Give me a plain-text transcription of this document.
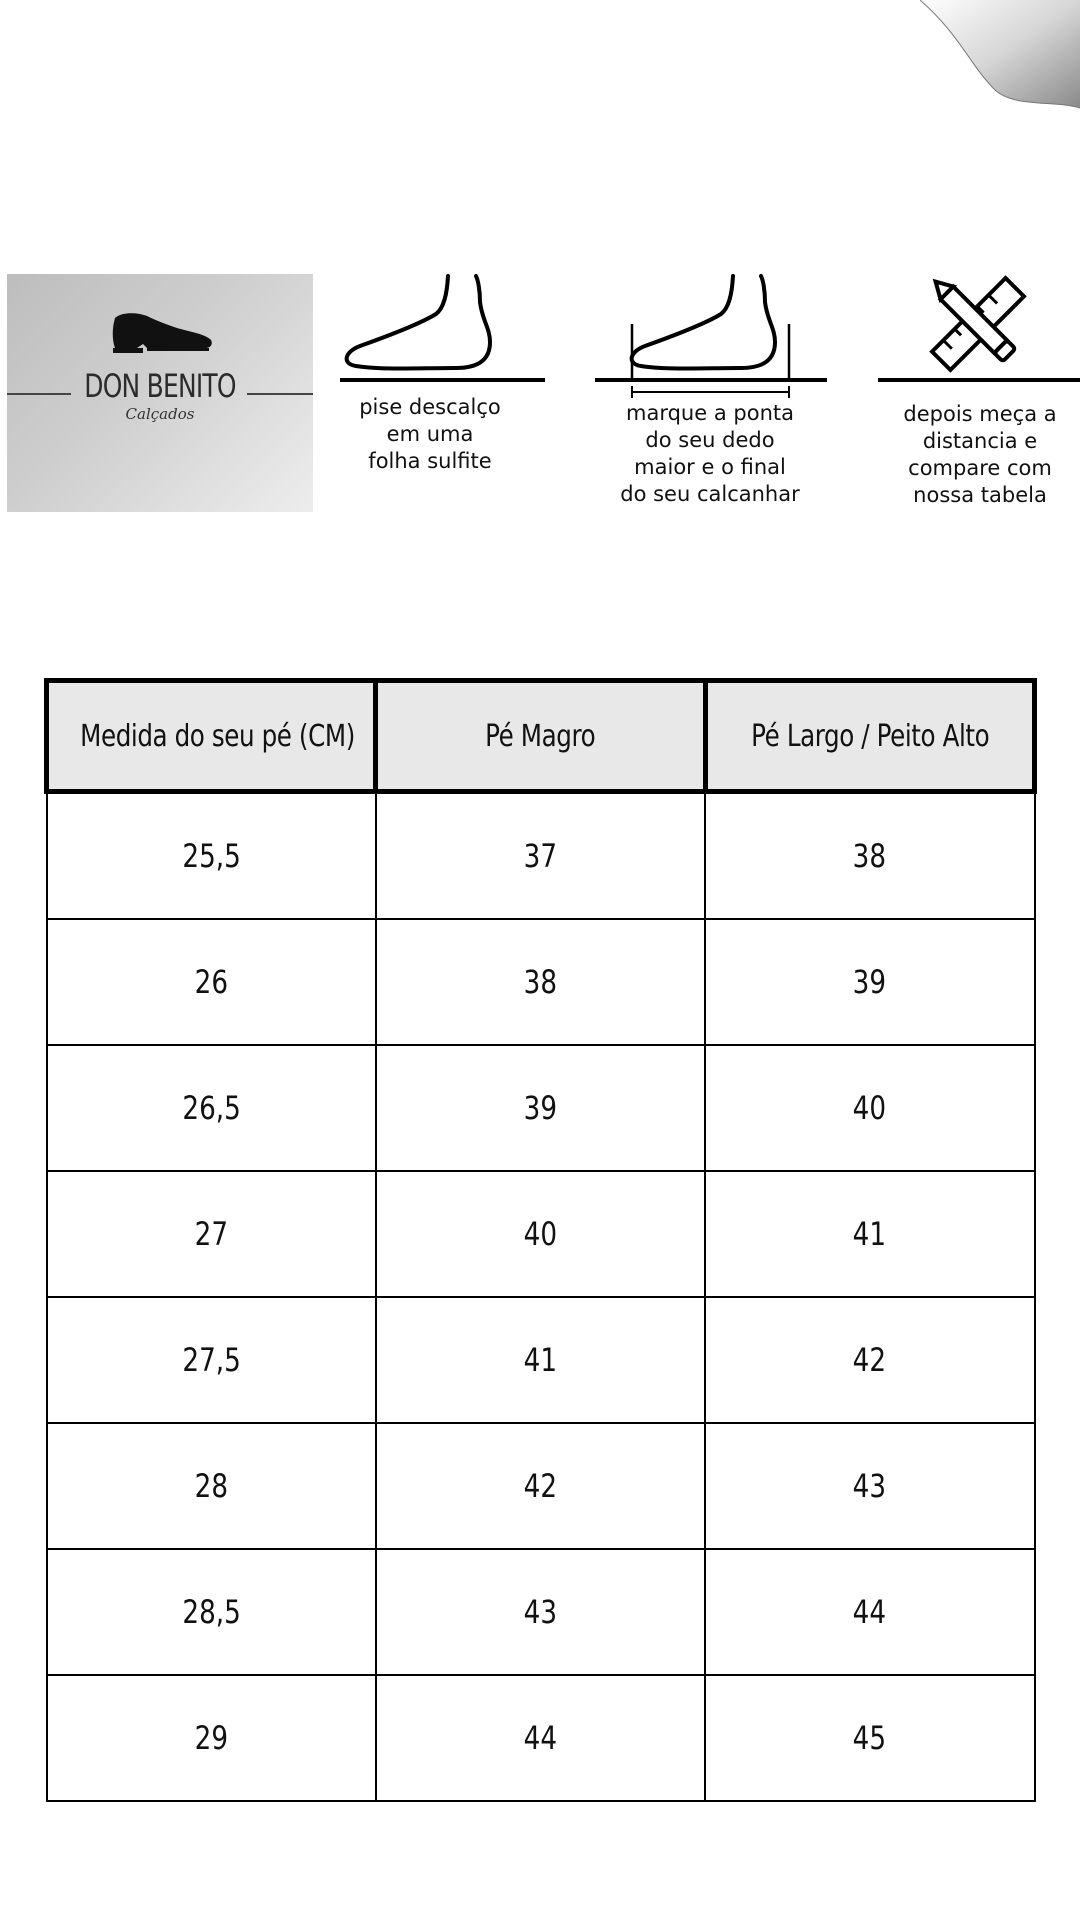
DON BENITO
Calçados	pise descalço
em uma
folha sulfite
marque a ponta
do seu dedo
maior e o final
do seu calcanhar
depois meça a
distancia e
compare com
nossa tabela
Medida do seu pé (CM)	Pé Magro	Pé Largo / Peito Alto
25,5	37	38
26	38	39
26,5	39	40
27	40	41
27,5	41	42
28	42	43
28,5	43	44
29	44	45
